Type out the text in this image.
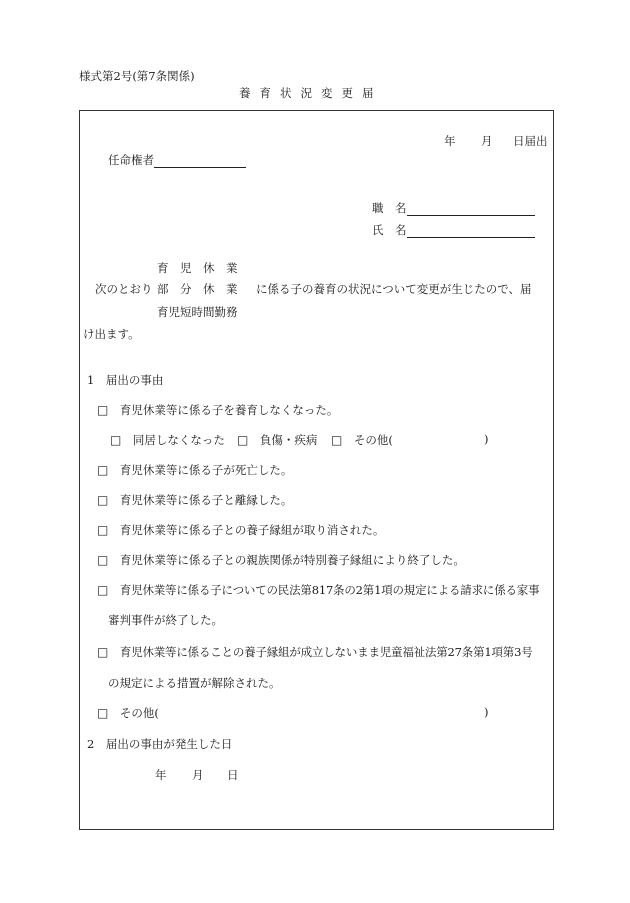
様式第2号(第7条関係)
養育状況変更届
年 月 日届出
任命権者
職　名
氏　名
育　児　休　業
次のとおり 部　分　休　業 に係る子の養育の状況について変更が生じたので、届
育児短時間勤務
け出ます。
1　届出の事由
□　 育児休業等に係る子を養育しなくなった。
□　 同居しなくなった □　 負傷・疾病 □　 その他(	)
□　 育児休業等に係る子が死亡した。
□　 育児休業等に係る子と離縁した。
□　 育児休業等に係る子との養子縁組が取り消された。
□　 育児休業等に係る子との親族関係が特別養子縁組により終了した。
□　 育児休業等に係る子についての民法第817条の2第1項の規定による請求に係る家事
審判事件が終了した。
□　 育児休業等に係ることの養子縁組が成立しないまま児童福祉法第27条第1項第3号
の規定による措置が解除された。
□　 その他(	)
2　届出の事由が発生した日
年 月 日
